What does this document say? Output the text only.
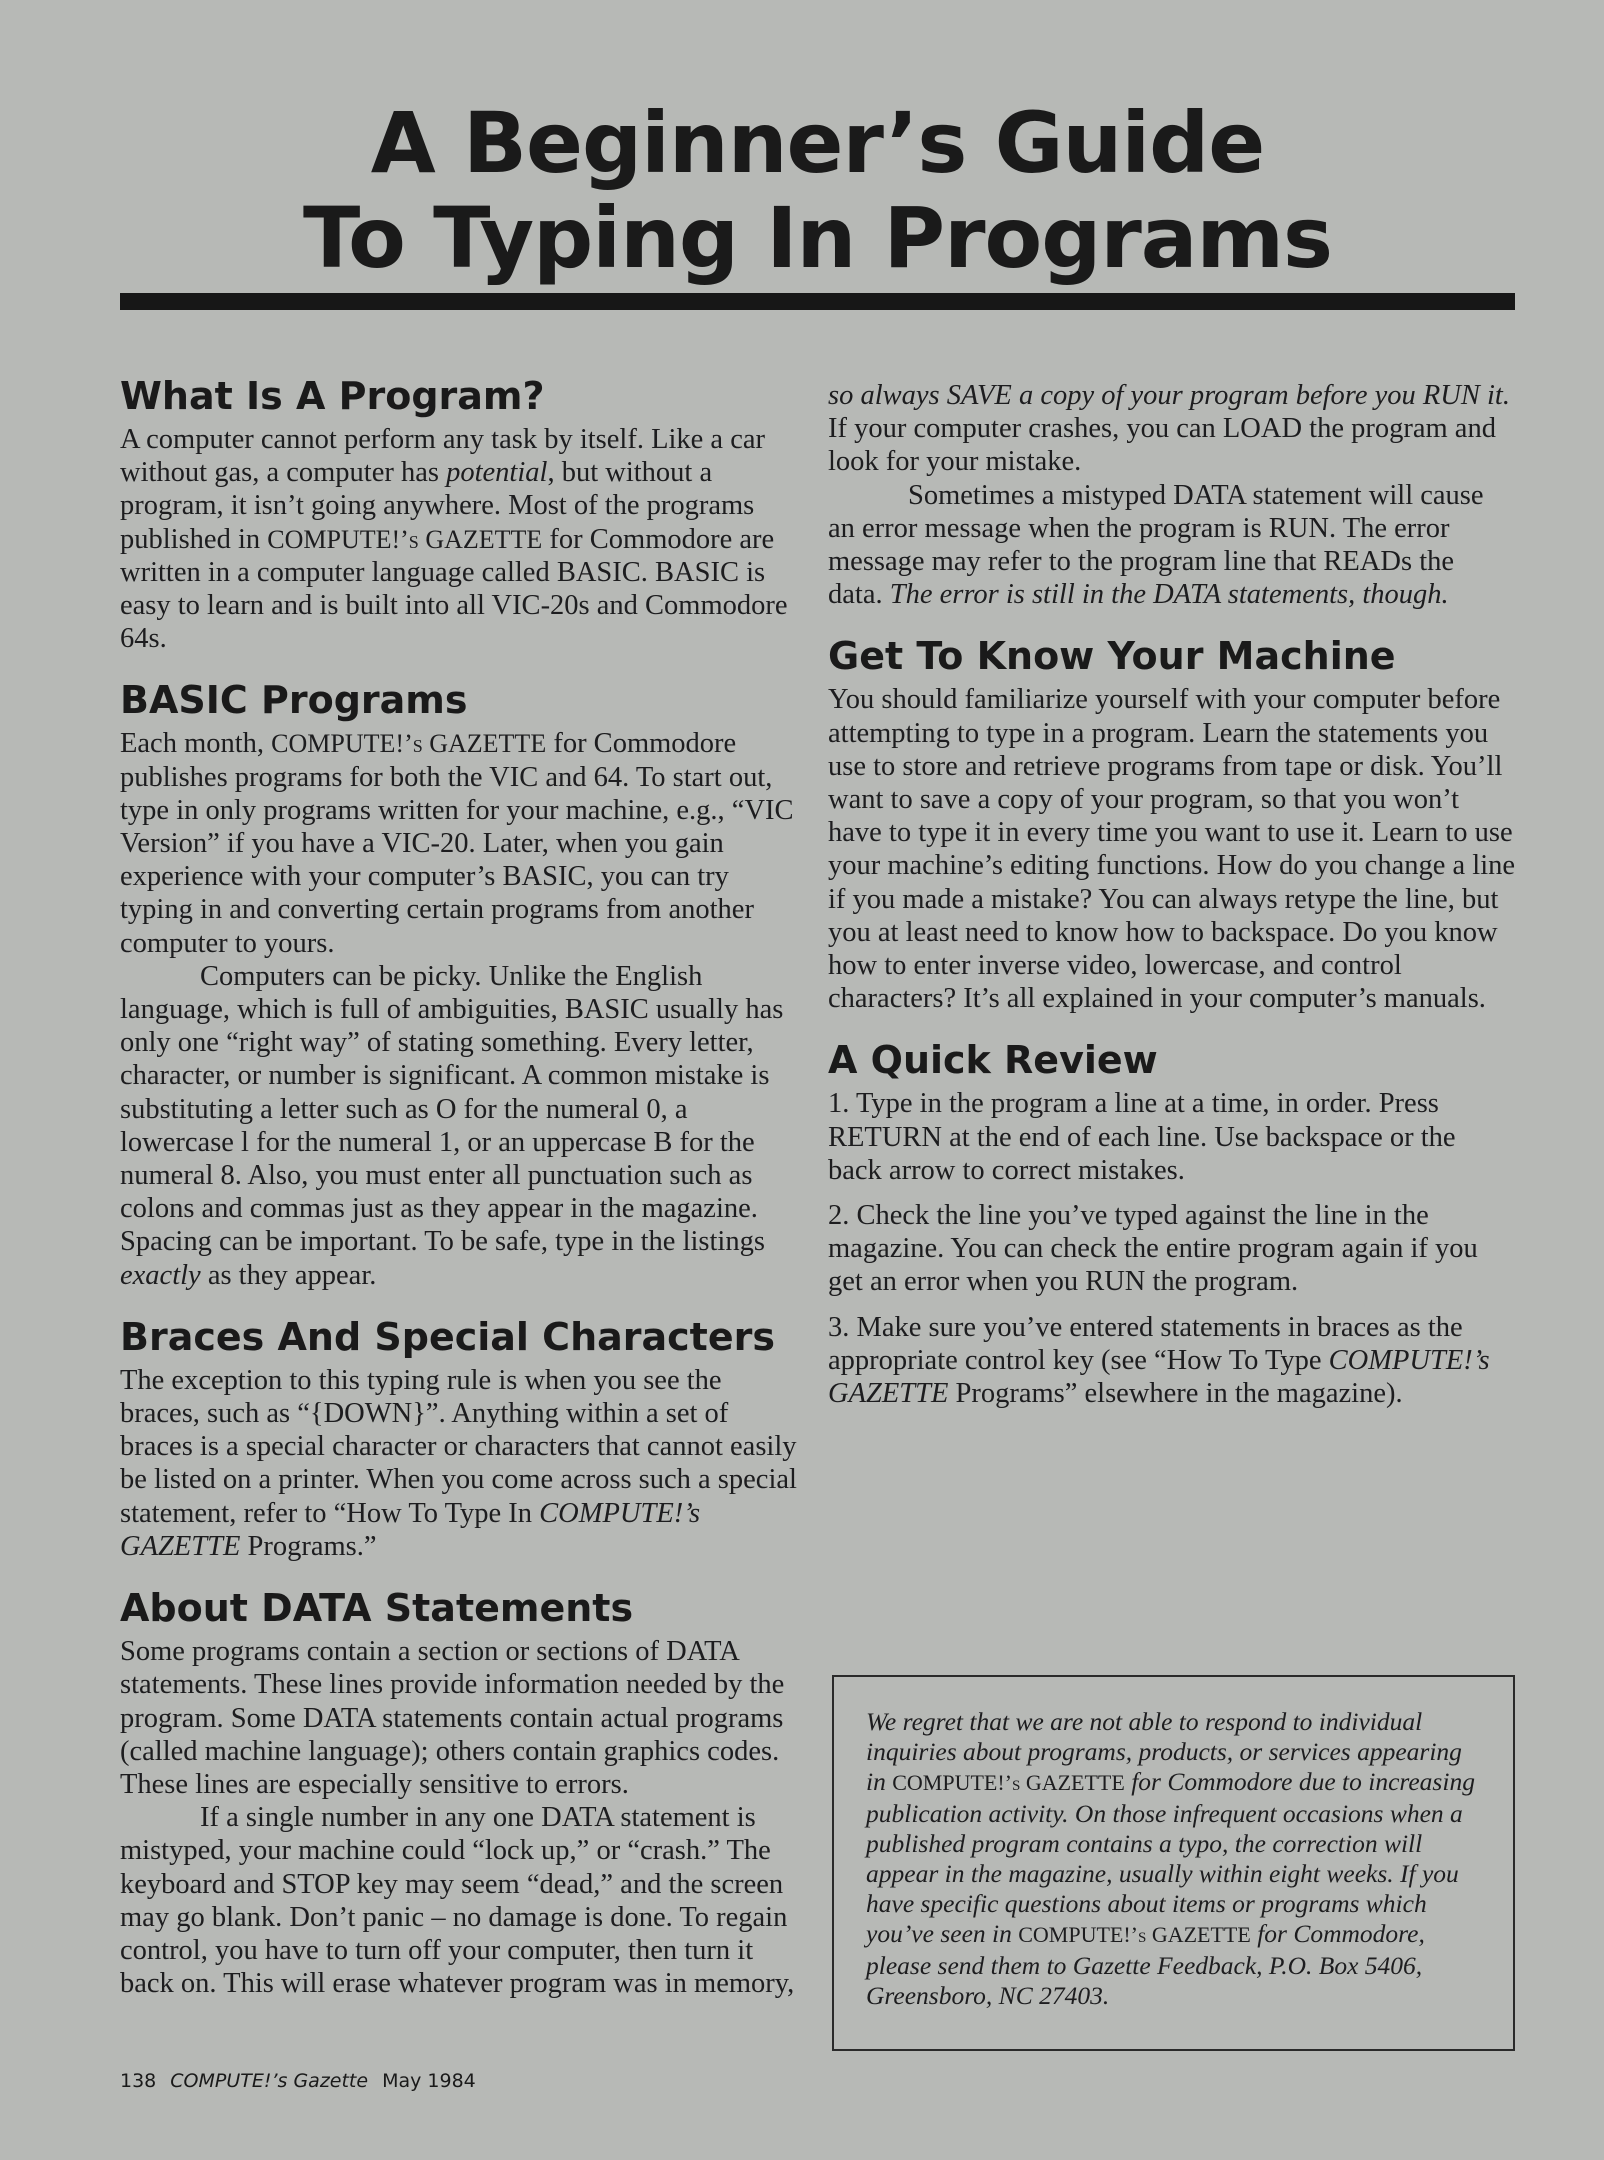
A Beginner’s Guide
To Typing In Programs
What Is A Program?

A computer cannot perform any task by itself. Like a car without gas, a computer has potential, but without a program, it isn’t going anywhere. Most of the programs published in COMPUTE!’s GAZETTE for Commodore are written in a computer language called BASIC. BASIC is easy to learn and is built into all VIC-20s and Commodore 64s.

BASIC Programs

Each month, COMPUTE!’s GAZETTE for Commodore publishes programs for both the VIC and 64. To start out, type in only programs written for your machine, e.g., “VIC Version” if you have a VIC-20. Later, when you gain experience with your computer’s BASIC, you can try typing in and converting certain programs from another computer to yours.

Computers can be picky. Unlike the English language, which is full of ambiguities, BASIC usually has only one “right way” of stating something. Every letter, character, or number is significant. A common mistake is substituting a letter such as O for the numeral 0, a lowercase l for the numeral 1, or an uppercase B for the numeral 8. Also, you must enter all punctuation such as colons and commas just as they appear in the magazine. Spacing can be important. To be safe, type in the listings exactly as they appear.

Braces And Special Characters

The exception to this typing rule is when you see the braces, such as “{DOWN}”. Anything within a set of braces is a special character or characters that cannot easily be listed on a printer. When you come across such a special statement, refer to “How To Type In COMPUTE!’s GAZETTE Programs.”

About DATA Statements

Some programs contain a section or sections of DATA statements. These lines provide information needed by the program. Some DATA statements contain actual programs (called machine language); others contain graphics codes. These lines are especially sensitive to errors.

If a single number in any one DATA statement is mistyped, your machine could “lock up,” or “crash.” The keyboard and STOP key may seem “dead,” and the screen may go blank. Don’t panic – no damage is done. To regain control, you have to turn off your computer, then turn it back on. This will erase whatever program was in memory,

so always SAVE a copy of your program before you RUN it. If your computer crashes, you can LOAD the program and look for your mistake.

Sometimes a mistyped DATA statement will cause an error message when the program is RUN. The error message may refer to the program line that READs the data. The error is still in the DATA statements, though.

Get To Know Your Machine

You should familiarize yourself with your computer before attempting to type in a program. Learn the statements you use to store and retrieve programs from tape or disk. You’ll want to save a copy of your program, so that you won’t have to type it in every time you want to use it. Learn to use your machine’s editing functions. How do you change a line if you made a mistake? You can always retype the line, but you at least need to know how to backspace. Do you know how to enter inverse video, lowercase, and control characters? It’s all explained in your computer’s manuals.

A Quick Review

1. Type in the program a line at a time, in order. Press RETURN at the end of each line. Use backspace or the back arrow to correct mistakes.

2. Check the line you’ve typed against the line in the magazine. You can check the entire program again if you get an error when you RUN the program.

3. Make sure you’ve entered statements in braces as the appropriate control key (see “How To Type COMPUTE!’s GAZETTE Programs” elsewhere in the magazine).

We regret that we are not able to respond to individual inquiries about programs, products, or services appearing in COMPUTE!’s GAZETTE for Commodore due to increasing publication activity. On those infrequent occasions when a published program contains a typo, the correction will appear in the magazine, usually within eight weeks. If you have specific questions about items or programs which you’ve seen in COMPUTE!’s GAZETTE for Commodore, please send them to Gazette Feedback, P.O. Box 5406, Greensboro, NC 27403.

138 COMPUTE!’s Gazette May 1984
